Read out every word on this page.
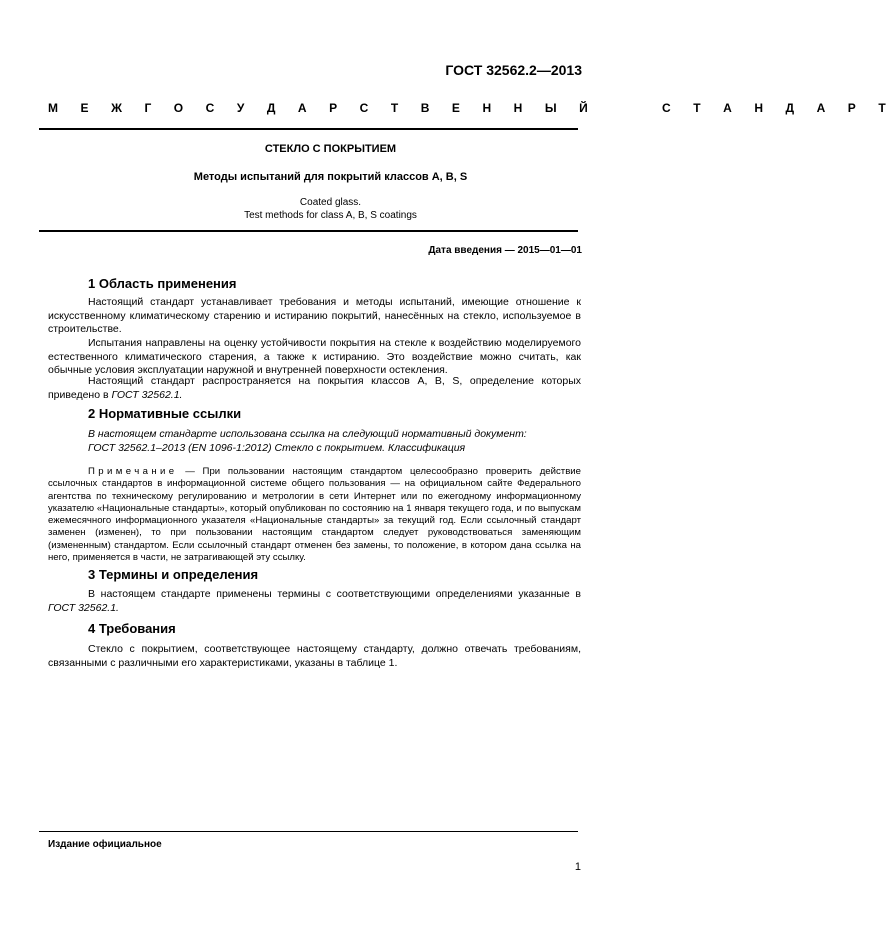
ГОСТ 32562.2—2013
М Е Ж Г О С У Д А Р С Т В Е Н Н Ы Й     С Т А Н Д А Р Т
СТЕКЛО С ПОКРЫТИЕМ
Методы испытаний для покрытий классов А, В, S
Coated glass.
Test methods for class A, B, S coatings
Дата введения — 2015—01—01
1 Область применения
Настоящий стандарт устанавливает требования и методы испытаний, имеющие отношение к искусственному климатическому старению и истиранию покрытий, нанесённых на стекло, используемое в строительстве.
Испытания направлены на оценку устойчивости покрытия на стекле к воздействию моделируемого естественного климатического старения, а также к истиранию. Это воздействие можно считать, как обычные условия эксплуатации наружной и внутренней поверхности остекления.
Настоящий стандарт распространяется на покрытия классов А, В, S, определение которых приведено в ГОСТ 32562.1.
2 Нормативные ссылки
В настоящем стандарте использована ссылка на следующий нормативный документ:
ГОСТ 32562.1–2013 (EN 1096-1:2012) Стекло с покрытием. Классификация
Примечание — При пользовании настоящим стандартом целесообразно проверить действие ссылочных стандартов в информационной системе общего пользования — на официальном сайте Федерального агентства по техническому регулированию и метрологии в сети Интернет или по ежегодному информационному указателю «Национальные стандарты», который опубликован по состоянию на 1 января текущего года, и по выпускам ежемесячного информационного указателя «Национальные стандарты» за текущий год. Если ссылочный стандарт заменен (изменен), то при пользовании настоящим стандартом следует руководствоваться заменяющим (измененным) стандартом. Если ссылочный стандарт отменен без замены, то положение, в котором дана ссылка на него, применяется в части, не затрагивающей эту ссылку.
3 Термины и определения
В настоящем стандарте применены термины с соответствующими определениями указанные в ГОСТ 32562.1.
4 Требования
Стекло с покрытием, соответствующее настоящему стандарту, должно отвечать требованиям, связанными с различными его характеристиками, указаны в таблице 1.
Издание официальное
1
